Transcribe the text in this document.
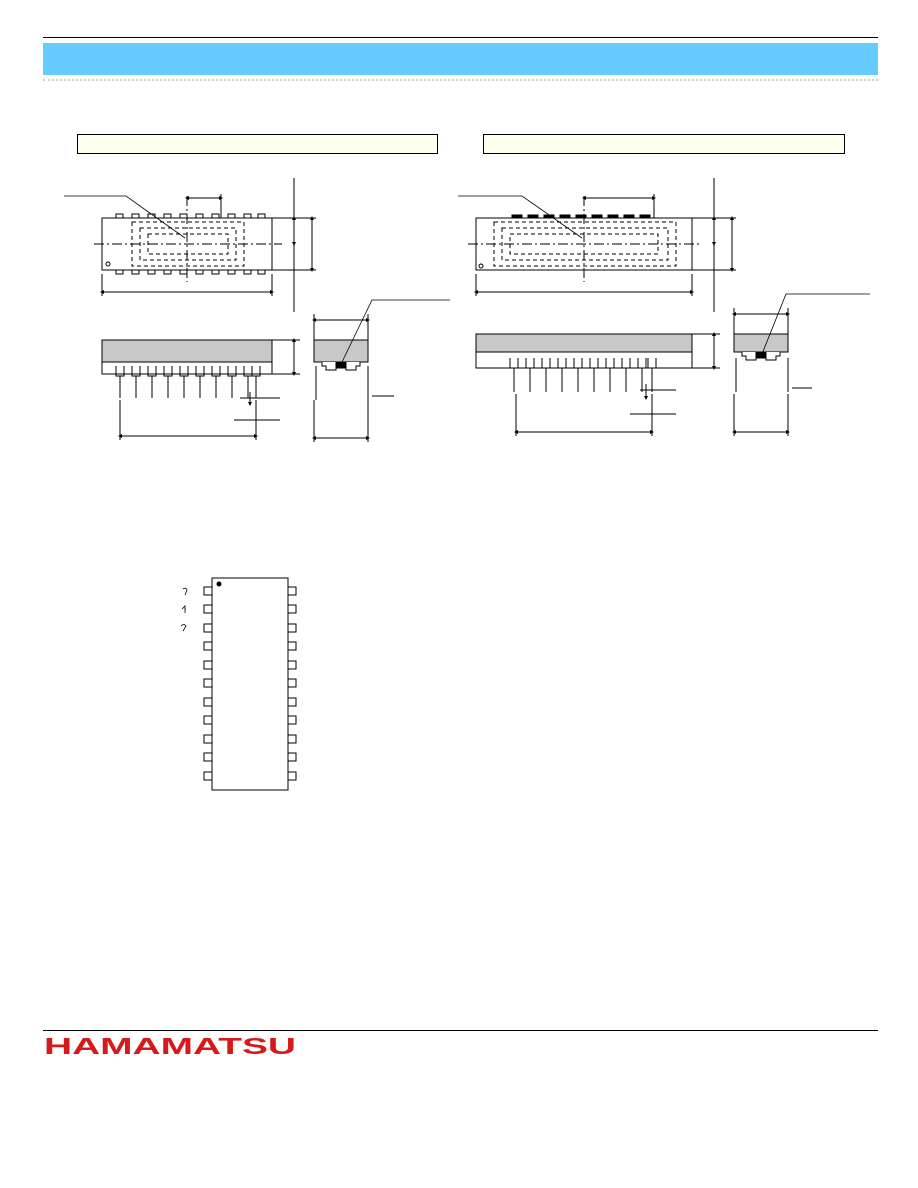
HAMAMATSU
